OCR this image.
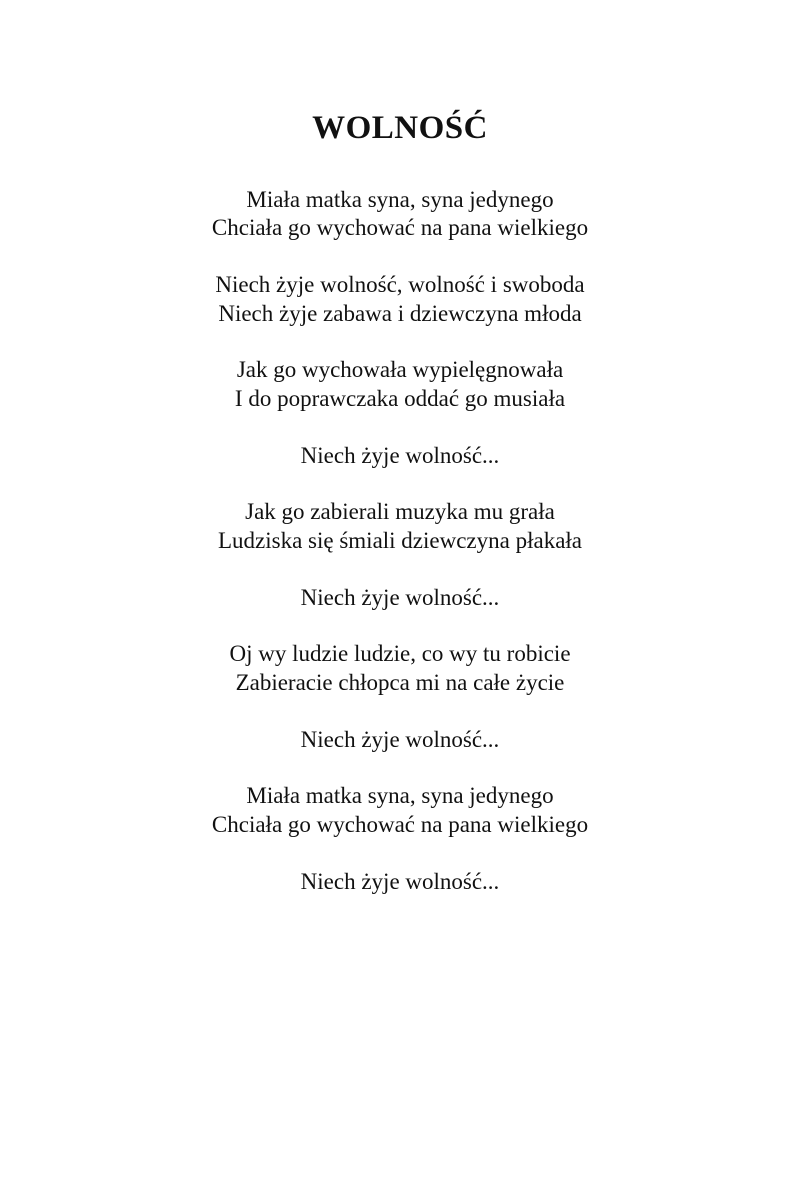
WOLNOŚĆ
Miała matka syna, syna jedynego
Chciała go wychować na pana wielkiego
Niech żyje wolność, wolność i swoboda
Niech żyje zabawa i dziewczyna młoda
Jak go wychowała wypielęgnowała
I do poprawczaka oddać go musiała
Niech żyje wolność...
Jak go zabierali muzyka mu grała
Ludziska się śmiali dziewczyna płakała
Niech żyje wolność...
Oj wy ludzie ludzie, co wy tu robicie
Zabieracie chłopca mi na całe życie
Niech żyje wolność...
Miała matka syna, syna jedynego
Chciała go wychować na pana wielkiego
Niech żyje wolność...
